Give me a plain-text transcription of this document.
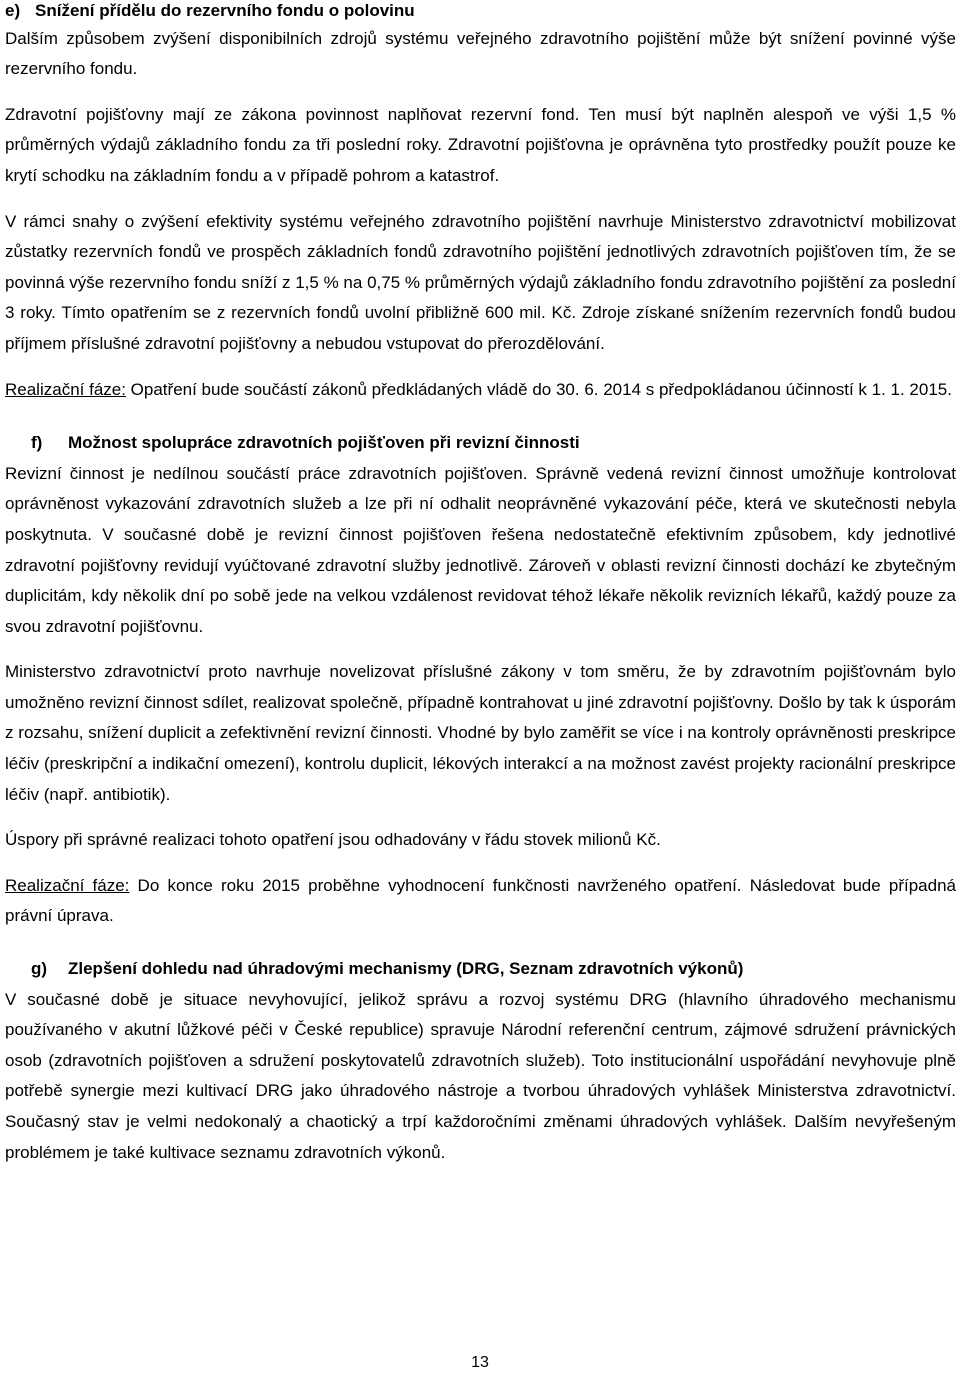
e) Snížení přídělu do rezervního fondu o polovinu

Dalším způsobem zvýšení disponibilních zdrojů systému veřejného zdravotního pojištění může být snížení povinné výše rezervního fondu.

Zdravotní pojišťovny mají ze zákona povinnost naplňovat rezervní fond. Ten musí být naplněn alespoň ve výši 1,5 % průměrných výdajů základního fondu za tři poslední roky. Zdravotní pojišťovna je oprávněna tyto prostředky použít pouze ke krytí schodku na základním fondu a v případě pohrom a katastrof.

V rámci snahy o zvýšení efektivity systému veřejného zdravotního pojištění navrhuje Ministerstvo zdravotnictví mobilizovat zůstatky rezervních fondů ve prospěch základních fondů zdravotního pojištění jednotlivých zdravotních pojišťoven tím, že se povinná výše rezervního fondu sníží z 1,5 % na 0,75 % průměrných výdajů základního fondu zdravotního pojištění za poslední 3 roky. Tímto opatřením se z rezervních fondů uvolní přibližně 600 mil. Kč. Zdroje získané snížením rezervních fondů budou příjmem příslušné zdravotní pojišťovny a nebudou vstupovat do přerozdělování.

Realizační fáze: Opatření bude součástí zákonů předkládaných vládě do 30. 6. 2014 s předpokládanou účinností k 1. 1. 2015.

f) Možnost spolupráce zdravotních pojišťoven při revizní činnosti

Revizní činnost je nedílnou součástí práce zdravotních pojišťoven. Správně vedená revizní činnost umožňuje kontrolovat oprávněnost vykazování zdravotních služeb a lze při ní odhalit neoprávněné vykazování péče, která ve skutečnosti nebyla poskytnuta. V současné době je revizní činnost pojišťoven řešena nedostatečně efektivním způsobem, kdy jednotlivé zdravotní pojišťovny revidují vyúčtované zdravotní služby jednotlivě. Zároveň v oblasti revizní činnosti dochází ke zbytečným duplicitám, kdy několik dní po sobě jede na velkou vzdálenost revidovat téhož lékaře několik revizních lékařů, každý pouze za svou zdravotní pojišťovnu.

Ministerstvo zdravotnictví proto navrhuje novelizovat příslušné zákony v tom směru, že by zdravotním pojišťovnám bylo umožněno revizní činnost sdílet, realizovat společně, případně kontrahovat u jiné zdravotní pojišťovny. Došlo by tak k úsporám z rozsahu, snížení duplicit a zefektivnění revizní činnosti. Vhodné by bylo zaměřit se více i na kontroly oprávněnosti preskripce léčiv (preskripční a indikační omezení), kontrolu duplicit, lékových interakcí a na možnost zavést projekty racionální preskripce léčiv (např. antibiotik).

Úspory při správné realizaci tohoto opatření jsou odhadovány v řádu stovek milionů Kč.

Realizační fáze: Do konce roku 2015 proběhne vyhodnocení funkčnosti navrženého opatření. Následovat bude případná právní úprava.

g) Zlepšení dohledu nad úhradovými mechanismy (DRG, Seznam zdravotních výkonů)

V současné době je situace nevyhovující, jelikož správu a rozvoj systému DRG (hlavního úhradového mechanismu používaného v akutní lůžkové péči v České republice) spravuje Národní referenční centrum, zájmové sdružení právnických osob (zdravotních pojišťoven a sdružení poskytovatelů zdravotních služeb). Toto institucionální uspořádání nevyhovuje plně potřebě synergie mezi kultivací DRG jako úhradového nástroje a tvorbou úhradových vyhlášek Ministerstva zdravotnictví. Současný stav je velmi nedokonalý a chaotický a trpí každoročními změnami úhradových vyhlášek. Dalším nevyřešeným problémem je také kultivace seznamu zdravotních výkonů.

13
